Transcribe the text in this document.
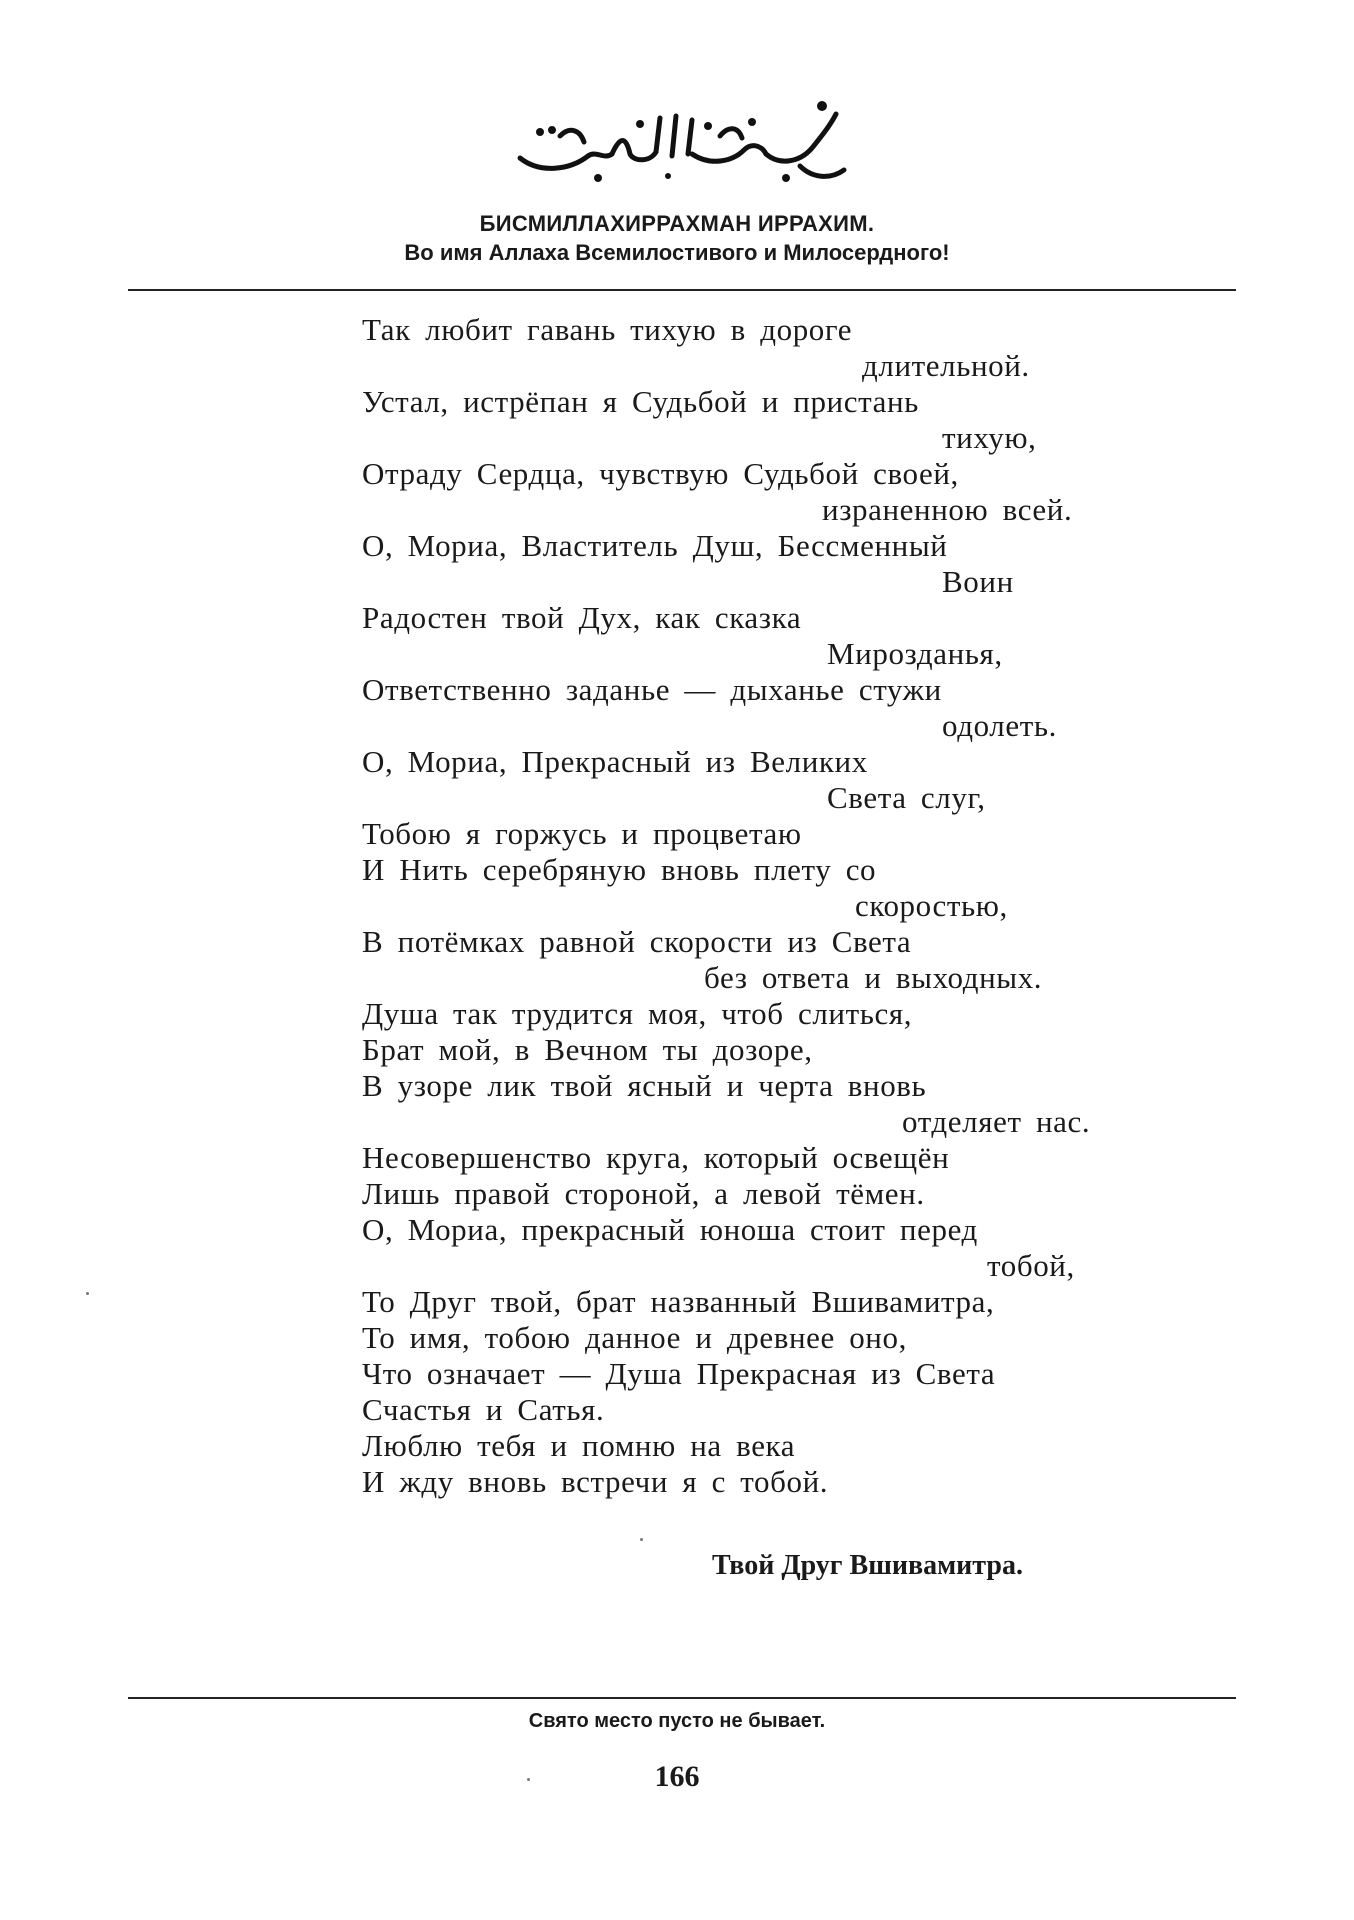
БИСМИЛЛАХИРРАХМАН ИРРАХИМ.
Во имя Аллаха Всемилостивого и Милосердного!
Так любит гавань тихую в дороге
длительной.
Устал, истрёпан я Судьбой и пристань
тихую,
Отраду Сердца, чувствую Судьбой своей,
израненною всей.
О, Мориа, Властитель Душ, Бессменный
Воин
Радостен твой Дух, как сказка
Мирозданья,
Ответственно заданье — дыханье стужи
одолеть.
О, Мориа, Прекрасный из Великих
Света слуг,
Тобою я горжусь и процветаю
И Нить серебряную вновь плету со
скоростью,
В потёмках равной скорости из Света
без ответа и выходных.
Душа так трудится моя, чтоб слиться,
Брат мой, в Вечном ты дозоре,
В узоре лик твой ясный и черта вновь
отделяет нас.
Несовершенство круга, который освещён
Лишь правой стороной, а левой тёмен.
О, Мориа, прекрасный юноша стоит перед
тобой,
То Друг твой, брат названный Вшивамитра,
То имя, тобою данное и древнее оно,
Что означает — Душа Прекрасная из Света
Счастья и Сатья.
Люблю тебя и помню на века
И жду вновь встречи я с тобой.
Твой Друг Вшивамитра.
Свято место пусто не бывает.
166
